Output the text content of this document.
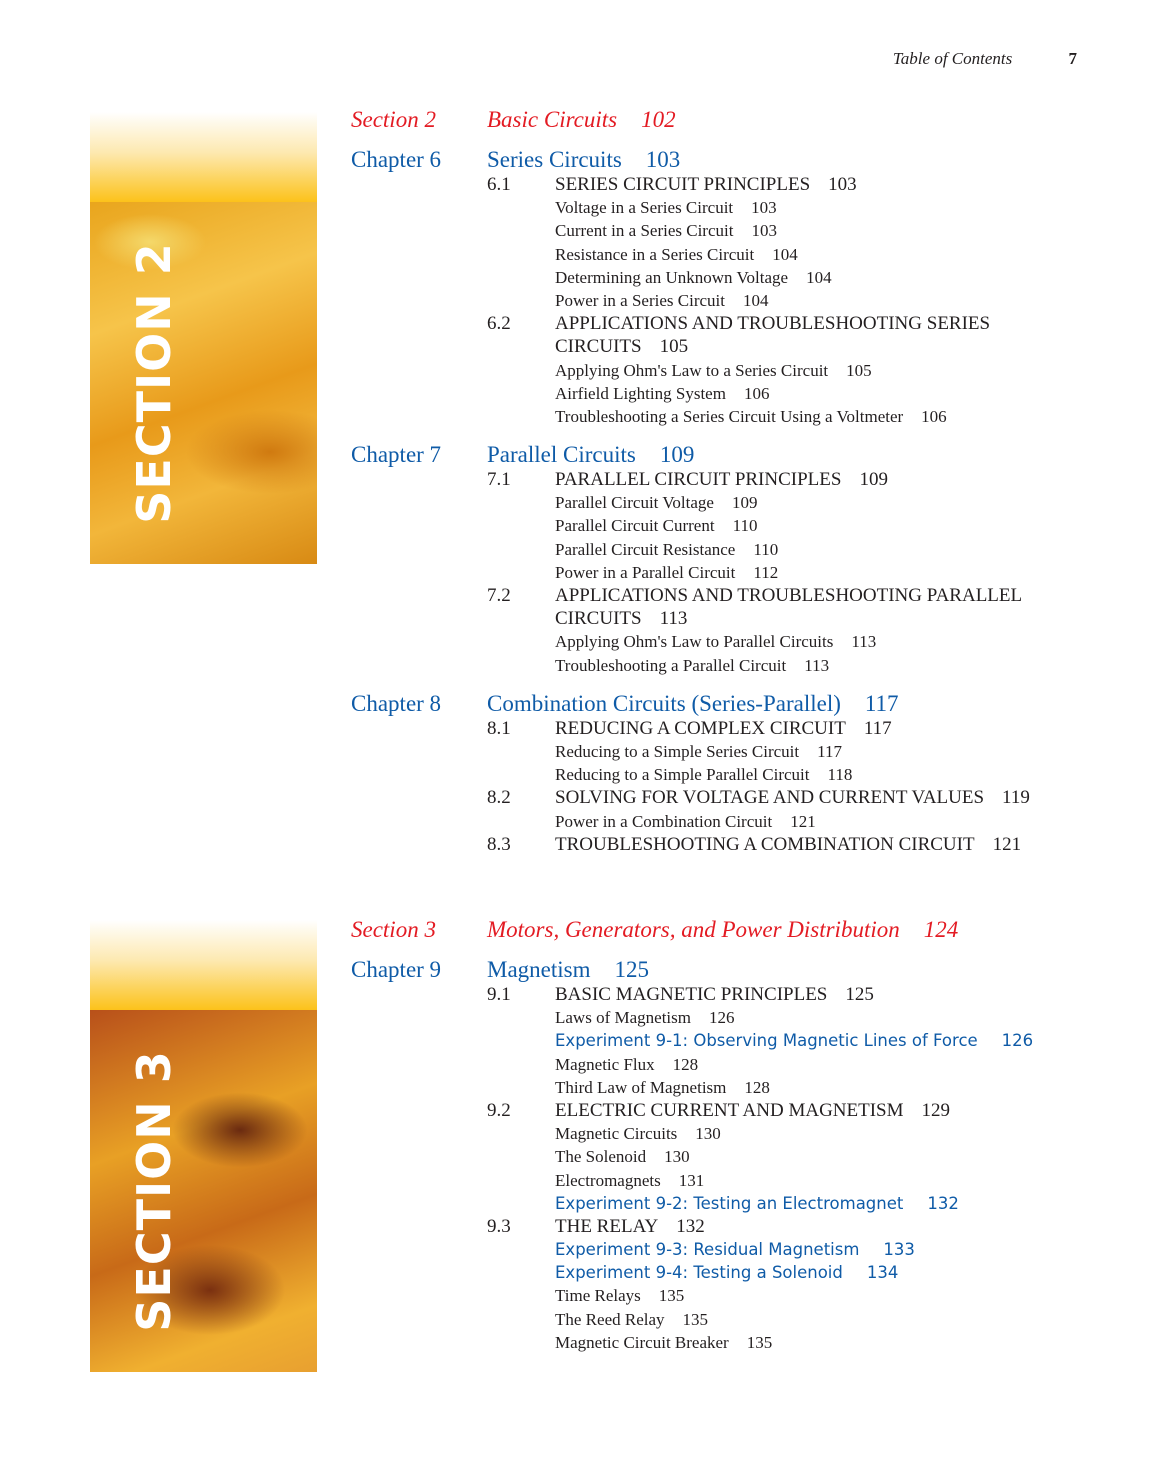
Table of Contents	7
SECTION 2
SECTION 3
Section 2 Basic Circuits 102
Chapter 6 Series Circuits 103
6.1 SERIES CIRCUIT PRINCIPLES 103
Voltage in a Series Circuit 103
Current in a Series Circuit 103
Resistance in a Series Circuit 104
Determining an Unknown Voltage 104
Power in a Series Circuit 104
6.2 APPLICATIONS AND TROUBLESHOOTING SERIES
CIRCUITS 105
Applying Ohm's Law to a Series Circuit 105
Airfield Lighting System 106
Troubleshooting a Series Circuit Using a Voltmeter 106
Chapter 7 Parallel Circuits 109
7.1 PARALLEL CIRCUIT PRINCIPLES 109
Parallel Circuit Voltage 109
Parallel Circuit Current 110
Parallel Circuit Resistance 110
Power in a Parallel Circuit 112
7.2 APPLICATIONS AND TROUBLESHOOTING PARALLEL
CIRCUITS 113
Applying Ohm's Law to Parallel Circuits 113
Troubleshooting a Parallel Circuit 113
Chapter 8 Combination Circuits (Series-Parallel) 117
8.1 REDUCING A COMPLEX CIRCUIT 117
Reducing to a Simple Series Circuit 117
Reducing to a Simple Parallel Circuit 118
8.2 SOLVING FOR VOLTAGE AND CURRENT VALUES 119
Power in a Combination Circuit 121
8.3 TROUBLESHOOTING A COMBINATION CIRCUIT 121
Section 3 Motors, Generators, and Power Distribution 124
Chapter 9 Magnetism 125
9.1 BASIC MAGNETIC PRINCIPLES 125
Laws of Magnetism 126
Experiment 9-1: Observing Magnetic Lines of Force 126
Magnetic Flux 128
Third Law of Magnetism 128
9.2 ELECTRIC CURRENT AND MAGNETISM 129
Magnetic Circuits 130
The Solenoid 130
Electromagnets 131
Experiment 9-2: Testing an Electromagnet 132
9.3 THE RELAY 132
Experiment 9-3: Residual Magnetism 133
Experiment 9-4: Testing a Solenoid 134
Time Relays 135
The Reed Relay 135
Magnetic Circuit Breaker 135
